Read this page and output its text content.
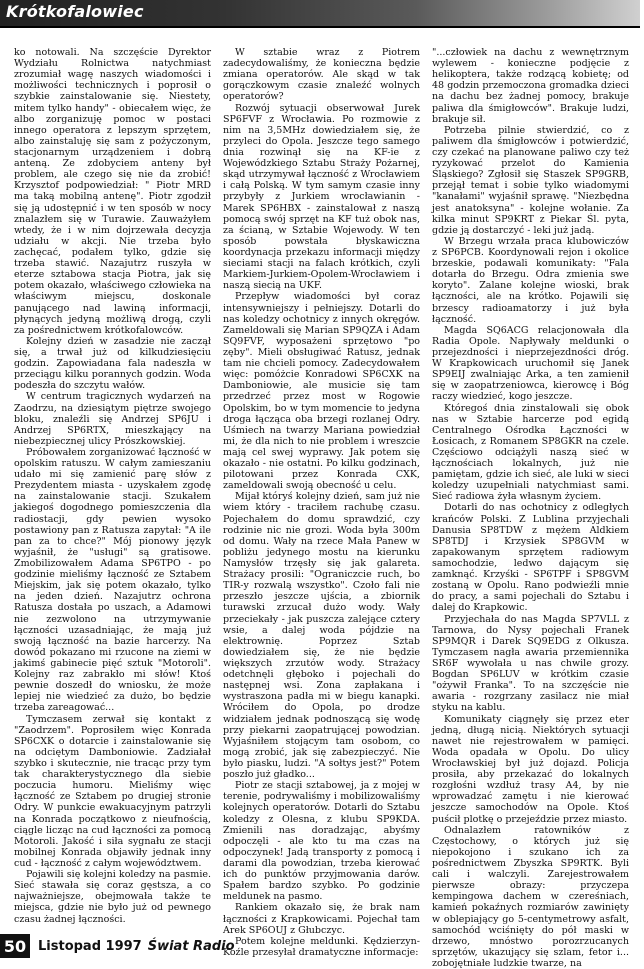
Krótkofalowiec

ko notowali. Na szczęście Dyrektor Wydziału Rolnictwa natychmiast zrozumiał wagę naszych wiadomości i możliwości technicznych i poprosił o szybkie zainstalowanie się. Niestety, mitem tylko handy" - obiecałem więc, że albo zorganizuję pomoc w postaci innego operatora z lepszym sprzętem, albo zainstaluję się sam z pożyczonym, stacjonarnym urządzeniem i dobrą anteną. Ze zdobyciem anteny był problem, ale czego się nie da zrobić! Krzysztof podpowiedział: " Piotr MRD ma taką mobilną antenę". Piotr zgodził się ją udostępnić i w ten sposób w nocy znalazłem się w Turawie. Zauważyłem wtedy, że i w nim dojrzewała decyzja udziału w akcji. Nie trzeba było zachęcać, podałem tylko, gdzie się trzeba stawić. Nazajutrz ruszyła w eterze sztabowa stacja Piotra, jak się potem okazało, właściwego człowieka na właściwym miejscu, doskonale panującego nad lawiną informacji, płynących jedyną możliwą drogą, czyli za pośrednictwem krótkofalowców.

Kolejny dzień w zasadzie nie zaczął się, a trwał już od kilkudziesięciu godzin. Zapowiadana fala nadeszła w przeciągu kilku porannych godzin. Woda podeszła do szczytu wałów.

W centrum tragicznych wydarzeń na Zaodrzu, na dziesiątym piętrze swojego bloku, znaleźli się Andrzej SP6JU i Andrzej SP6RTX, mieszkający na niebezpiecznej ulicy Prószkowskiej.

Próbowałem zorganizować łączność w opolskim ratuszu. W całym zamieszaniu udało mi się zamienić parę słów z Prezydentem miasta - uzyskałem zgodę na zainstalowanie stacji. Szukałem jakiegoś dogodnego pomieszczenia dla radiostacji, gdy pewien wysoko postawiony pan z Ratusza zapytał: "A ile pan za to chce?" Mój pionowy język wyjaśnił, że "usługi" są gratisowe. Zmobilizowałem Adama SP6TPO - po godzinie mieliśmy łączność ze Sztabem Miejskim, jak się potem okazało, tylko na jeden dzień. Nazajutrz ochrona Ratusza dostała po uszach, a Adamowi nie zezwolono na utrzymywanie łączności uzasadniając, że mają już swoją łączność na bazie harcerzy. Na dowód pokazano mi rzucone na ziemi w jakimś gabinecie pięć sztuk "Motoroli". Kolejny raz zabrakło mi słów! Ktoś pewnie doszedł do wniosku, że może lepiej nie wiedzieć za dużo, bo będzie trzeba zareagować...

Tymczasem zerwał się kontakt z "Zaodrzem". Poprosiłem więc Konrada SP6CXK o dotarcie i zainstalowanie się na odciętym Damboniowie. Zadziałał szybko i skutecznie, nie tracąc przy tym tak charakterystycznego dla siebie poczucia humoru. Mieliśmy więc łączność ze Sztabem po drugiej stronie Odry. W punkcie ewakuacyjnym patrzyli na Konrada początkowo z nieufnością, ciągle licząc na cud łączności za pomocą Motoroli. Jakość i siła sygnału ze stacji mobilnej Konrada objawiły jednak inny cud - łączność z całym województwem.

Pojawili się kolejni koledzy na pasmie. Sieć stawała się coraz gęstsza, a co najważniejsze, obejmowała także te miejsca, gdzie nie było już od pewnego czasu żadnej łączności.

W sztabie wraz z Piotrem zadecydowaliśmy, że konieczna będzie zmiana operatorów. Ale skąd w tak gorączkowym czasie znaleźć wolnych operatorów?

Rozwój sytuacji obserwował Jurek SP6FVF z Wrocławia. Po rozmowie z nim na 3,5MHz dowiedziałem się, że przyleci do Opola. Jeszcze tego samego dnia rozwinął się na KF-ie z Wojewódzkiego Sztabu Straży Pożarnej, skąd utrzymywał łączność z Wrocławiem i całą Polską. W tym samym czasie inny przybyły z Jurkiem wrocławianin - Marek SP6HBX - zainstalował z naszą pomocą swój sprzęt na KF tuż obok nas, za ścianą, w Sztabie Wojewody. W ten sposób powstała błyskawiczna koordynacja przekazu informacji między sieciami stacji na falach krótkich, czyli Markiem-Jurkiem-Opolem-Wrocławiem i naszą siecią na UKF.

Przepływ wiadomości był coraz intensywniejszy i pełniejszy. Dotarli do nas koledzy ochotnicy z innych okręgów. Zameldowali się Marian SP9QZA i Adam SQ9FVF, wyposażeni sprzętowo "po zęby". Mieli obsługiwać Ratusz, jednak tam nie chcieli pomocy. Zadecydowałem więc: pomóżcie Konradowi SP6CXK na Damboniowie, ale musicie się tam przedrzeć przez most w Rogowie Opolskim, bo w tym momencie to jedyna droga łącząca oba brzegi rozlanej Odry. Uśmiech na twarzy Mariana powiedział mi, że dla nich to nie problem i wreszcie mają cel swej wyprawy. Jak potem się okazało - nie ostatni. Po kilku godzinach, pilotowani przez Konrada CXK, zameldowali swoją obecność u celu.

Mijał któryś kolejny dzień, sam już nie wiem który - traciłem rachubę czasu. Pojechałem do domu sprawdzić, czy rodzinie nic nie grozi. Woda była 300m od domu. Wały na rzece Mała Panew w pobliżu jedynego mostu na kierunku Namysłów trzęsły się jak galareta. Strażacy prosili: "Ograniczcie ruch, bo TIR-y rozwalą wszystko". Czoło fali nie przeszło jeszcze ujścia, a zbiornik turawski zrzucał dużo wody. Wały przeciekały - jak puszcza zalejące cztery wsie, a dalej woda pójdzie na elektrownię. Poprzez Sztab dowiedziałem się, że nie będzie większych zrzutów wody. Strażacy odetchnęli głęboko i pojechali do następnej wsi. Zona zapłakana i wystraszona padła mi w biegu kanapki. Wróciłem do Opola, po drodze widziałem jednak podnoszącą się wodę przy piekarni zaopatrującej powodzian. Wyjaśniłem stojącym tam osobom, co mogą zrobić, jak się zabezpieczyć. Nie było piasku, ludzi. "A sołtys jest?" Potem poszło już gładko...

Piotr ze stacji sztabowej, ja z mojej w terenie, podrywaliśmy i mobilizowaliśmy kolejnych operatorów. Dotarli do Sztabu koledzy z Olesna, z klubu SP9KDA. Zmienili nas doradzając, abyśmy odpoczęli - ale kto tu ma czas na odpoczynek! Jadą transporty z pomocą i darami dla powodzian, trzeba kierować ich do punktów przyjmowania darów. Spałem bardzo szybko. Po godzinie meldunek na pasmo.

Rankiem okazało się, że brak nam łączności z Krapkowicami. Pojechał tam Arek SP6OUJ z Głubczyc.

Potem kolejne meldunki. Kędzierzyn-Koźle przesyłał dramatyczne informacje:

"...człowiek na dachu z wewnętrznym wylewem - konieczne podjęcie z helikoptera, także rodzącą kobietę; od 48 godzin przemoczona gromadka dzieci na dachu bez żadnej pomocy, brakuje paliwa dla śmigłowców". Brakuje ludzi, brakuje sił.

Potrzeba pilnie stwierdzić, co z paliwem dla śmigłowców i potwierdzić, czy czekać na planowane paliwo czy też ryzykować przelot do Kamienia Śląskiego? Zgłosił się Staszek SP9GRB, przejął temat i sobie tylko wiadomymi "kanałami" wyjaśnił sprawę. "Niezbędna jest anatoksyna" - kolejne wołanie. Za kilka minut SP9KRT z Piekar Śl. pyta, gdzie ją dostarczyć - leki już jadą.

W Brzegu wrzała praca klubowiczów z SP6PCB. Koordynowali rejon i okolice brzeskie, podawali komunikaty: "Fala dotarła do Brzegu. Odra zmienia swe koryto". Zalane kolejne wioski, brak łączności, ale na krótko. Pojawili się brzescy radioamatorzy i już była łączność.

Magda SQ6ACG relacjonowała dla Radia Opole. Napływały meldunki o przejezdności i nieprzejezdności dróg. W Krapkowicach uruchomił się Janek SP9EIJ zwalniając Arka, a ten zamienił się w zaopatrzeniowca, kierowcę i Bóg raczy wiedzieć, kogo jeszcze.

Któregoś dnia zinstalowali się obok nas w Sztabie harcerze pod egidą Centralnego Ośrodka Łączności w Łosicach, z Romanem SP8GKR na czele. Częściowo odciążyli naszą sieć w łącznościach lokalnych, już nie pamiętam, gdzie ich sieć, ale luki w sieci koledzy uzupełniali natychmiast sami. Sieć radiowa żyła własnym życiem.

Dotarli do nas ochotnicy z odległych krańców Polski. Z Lublina przyjechali Danusia SP8TDW z mężem Aldkiem SP8TDJ i Krzysiek SP8GVM w zapakowanym sprzętem radiowym samochodzie, ledwo dającym się zamknąć. Krzyśki - SP6TPF i SP8GVM zostaną w Opolu. Rano podwieźli mnie do pracy, a sami pojechali do Sztabu i dalej do Krapkowic.

Przyjechała do nas Magda SP7VLL z Tarnowa, do Nysy pojechali Franek SP9MQR i Darek SQ9EDG z Olkusza. Tymczasem nagła awaria przemiennika SR6F wywołała u nas chwile grozy. Bogdan SP6LUV w krótkim czasie "ożywił Franka". To na szczęście nie awaria - rozgrzany zasilacz nie miał styku na kablu.

Komunikaty ciągnęły się przez eter jedną, długą nicią. Niektórych sytuacji nawet nie rejestrowałem w pamięci. Woda opadała w Opolu. Do ulicy Wrocławskiej był już dojazd. Policja prosiła, aby przekazać do lokalnych rozgłośni wzdłuż trasy A4, by nie wprowadzać zamętu i nie kierować jeszcze samochodów na Opole. Ktoś puścił plotkę o przejeździe przez miasto.

Odnalazłem ratowników z Częstochowy, o których już się niepokojono i szukano ich za pośrednictwem Zbyszka SP9RTK. Byli cali i walczyli. Zarejestrowałem pierwsze obrazy: przyczepa kempingowa dachem w czereśniach, kamień pokaźnych rozmiarów zawinięty w oblepiający go 5-centymetrowy asfalt, samochód wciśnięty do pół maski w drzewo, mnóstwo porozrzucanych sprzętów, ukazujący się szlam, fetor i... zobojętniałe ludzkie twarze, na

50 Listopad 1997 Świat Radio
